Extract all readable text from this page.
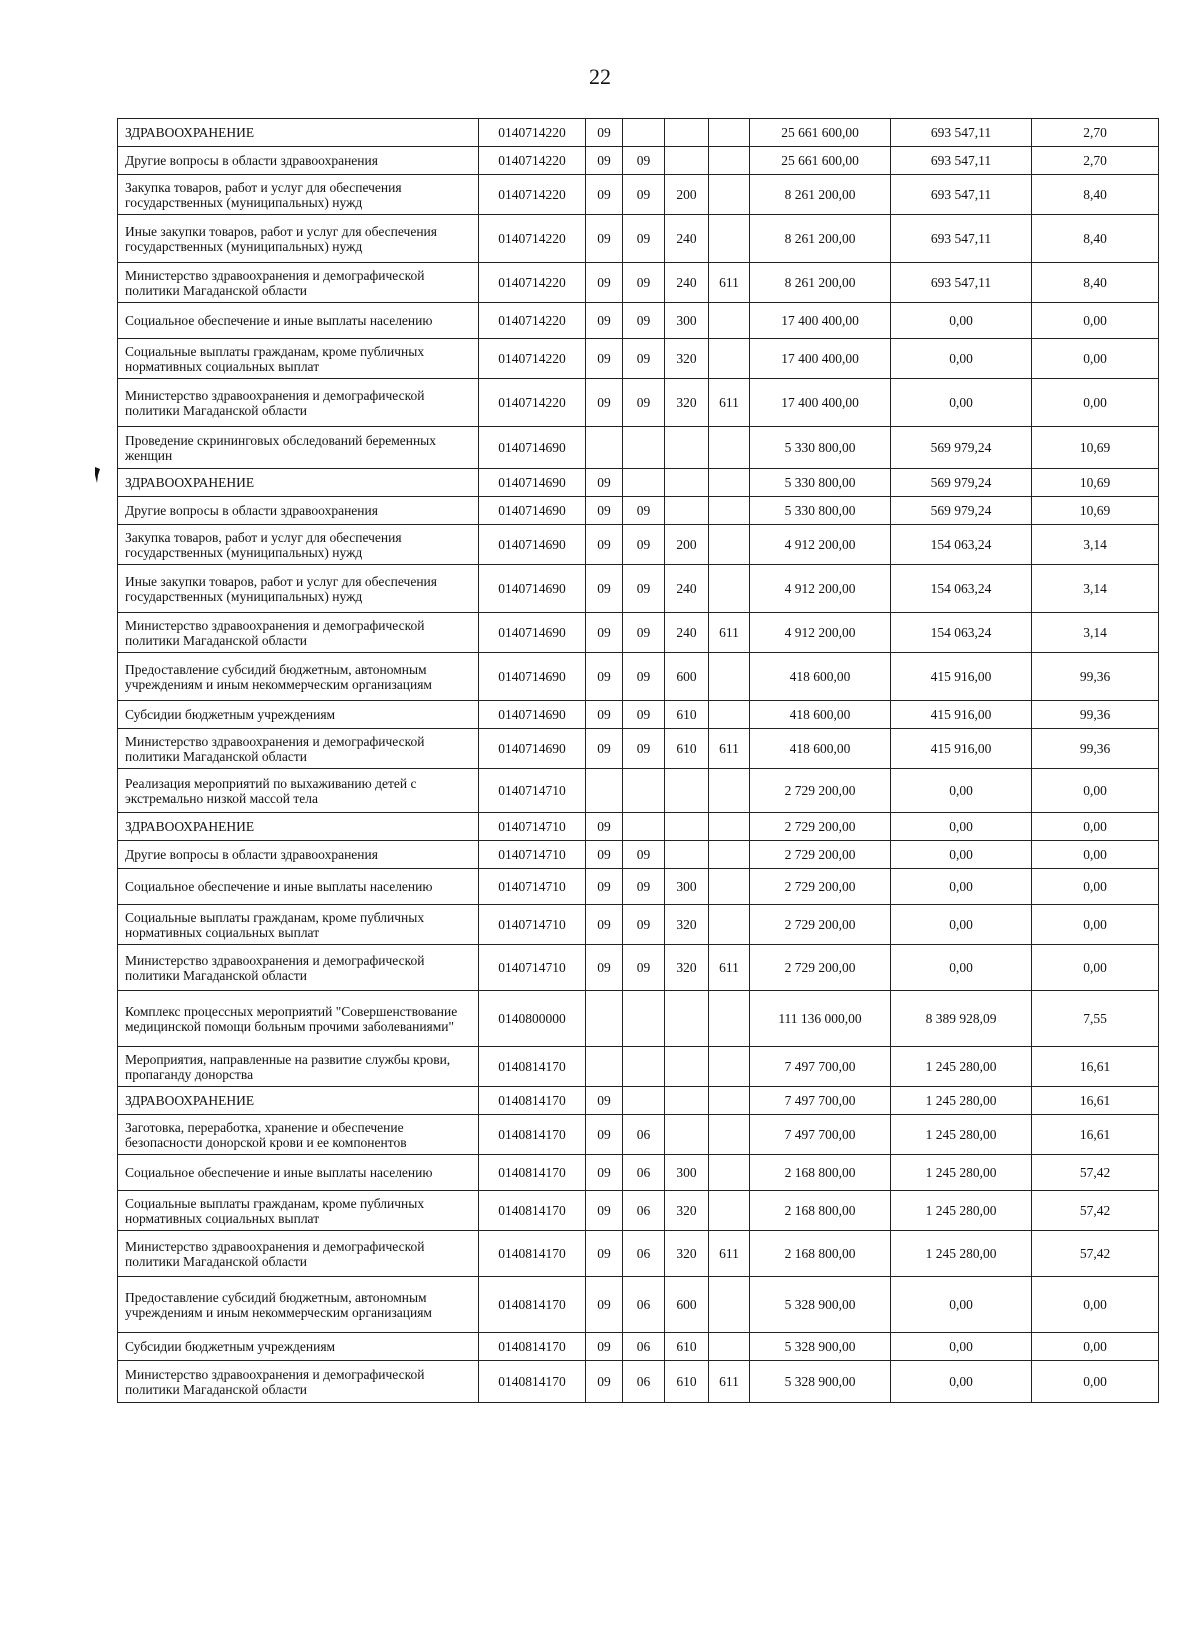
22
ЗДРАВООХРАНЕНИЕ	0140714220	09				25 661 600,00	693 547,11	2,70
Другие вопросы в области здравоохранения	0140714220	09	09			25 661 600,00	693 547,11	2,70
Закупка товаров, работ и услуг для обеспечения государственных (муниципальных) нужд	0140714220	09	09	200		8 261 200,00	693 547,11	8,40
Иные закупки товаров, работ и услуг для обеспечения государственных (муниципальных) нужд	0140714220	09	09	240		8 261 200,00	693 547,11	8,40
Министерство здравоохранения и демографической политики Магаданской области	0140714220	09	09	240	611	8 261 200,00	693 547,11	8,40
Социальное обеспечение и иные выплаты населению	0140714220	09	09	300		17 400 400,00	0,00	0,00
Социальные выплаты гражданам, кроме публичных нормативных социальных выплат	0140714220	09	09	320		17 400 400,00	0,00	0,00
Министерство здравоохранения и демографической политики Магаданской области	0140714220	09	09	320	611	17 400 400,00	0,00	0,00
Проведение скрининговых обследований беременных женщин	0140714690					5 330 800,00	569 979,24	10,69
ЗДРАВООХРАНЕНИЕ	0140714690	09				5 330 800,00	569 979,24	10,69
Другие вопросы в области здравоохранения	0140714690	09	09			5 330 800,00	569 979,24	10,69
Закупка товаров, работ и услуг для обеспечения государственных (муниципальных) нужд	0140714690	09	09	200		4 912 200,00	154 063,24	3,14
Иные закупки товаров, работ и услуг для обеспечения государственных (муниципальных) нужд	0140714690	09	09	240		4 912 200,00	154 063,24	3,14
Министерство здравоохранения и демографической политики Магаданской области	0140714690	09	09	240	611	4 912 200,00	154 063,24	3,14
Предоставление субсидий бюджетным, автономным учреждениям и иным некоммерческим организациям	0140714690	09	09	600		418 600,00	415 916,00	99,36
Субсидии бюджетным учреждениям	0140714690	09	09	610		418 600,00	415 916,00	99,36
Министерство здравоохранения и демографической политики Магаданской области	0140714690	09	09	610	611	418 600,00	415 916,00	99,36
Реализация мероприятий по выхаживанию детей с экстремально низкой массой тела	0140714710					2 729 200,00	0,00	0,00
ЗДРАВООХРАНЕНИЕ	0140714710	09				2 729 200,00	0,00	0,00
Другие вопросы в области здравоохранения	0140714710	09	09			2 729 200,00	0,00	0,00
Социальное обеспечение и иные выплаты населению	0140714710	09	09	300		2 729 200,00	0,00	0,00
Социальные выплаты гражданам, кроме публичных нормативных социальных выплат	0140714710	09	09	320		2 729 200,00	0,00	0,00
Министерство здравоохранения и демографической политики Магаданской области	0140714710	09	09	320	611	2 729 200,00	0,00	0,00
Комплекс процессных мероприятий "Совершенствование медицинской помощи больным прочими заболеваниями"	0140800000					111 136 000,00	8 389 928,09	7,55
Мероприятия, направленные на развитие службы крови, пропаганду донорства	0140814170					7 497 700,00	1 245 280,00	16,61
ЗДРАВООХРАНЕНИЕ	0140814170	09				7 497 700,00	1 245 280,00	16,61
Заготовка, переработка, хранение и обеспечение безопасности донорской крови и ее компонентов	0140814170	09	06			7 497 700,00	1 245 280,00	16,61
Социальное обеспечение и иные выплаты населению	0140814170	09	06	300		2 168 800,00	1 245 280,00	57,42
Социальные выплаты гражданам, кроме публичных нормативных социальных выплат	0140814170	09	06	320		2 168 800,00	1 245 280,00	57,42
Министерство здравоохранения и демографической политики Магаданской области	0140814170	09	06	320	611	2 168 800,00	1 245 280,00	57,42
Предоставление субсидий бюджетным, автономным учреждениям и иным некоммерческим организациям	0140814170	09	06	600		5 328 900,00	0,00	0,00
Субсидии бюджетным учреждениям	0140814170	09	06	610		5 328 900,00	0,00	0,00
Министерство здравоохранения и демографической политики Магаданской области	0140814170	09	06	610	611	5 328 900,00	0,00	0,00
